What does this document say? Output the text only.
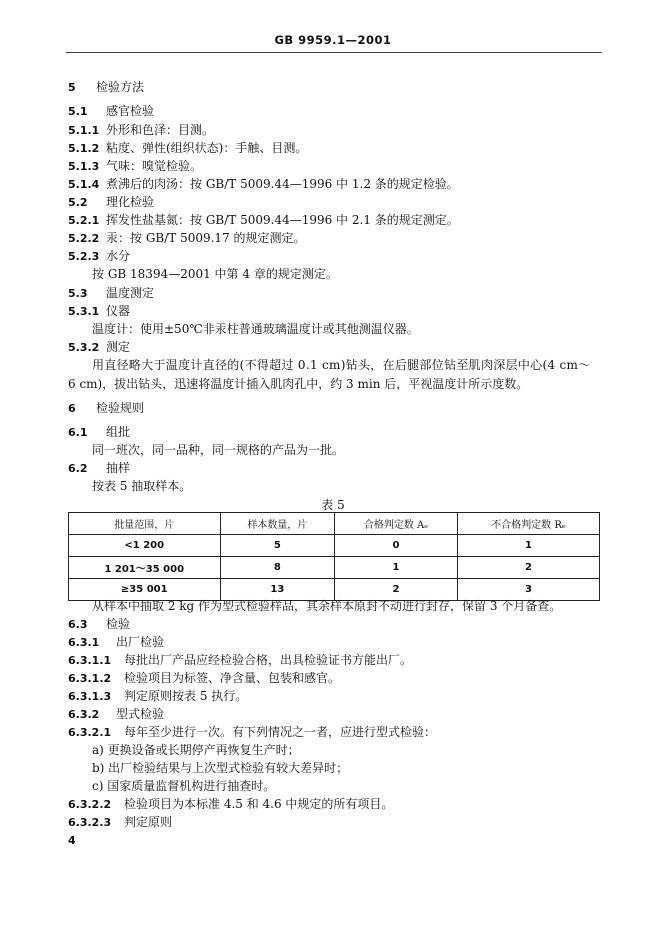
GB 9959.1—2001
5 检验方法
5.1 感官检验
5.1.1 外形和色泽：目测。
5.1.2 粘度、弹性(组织状态)：手触、目测。
5.1.3 气味：嗅觉检验。
5.1.4 煮沸后的肉汤：按 GB/T 5009.44—1996 中 1.2 条的规定检验。
5.2 理化检验
5.2.1 挥发性盐基氮：按 GB/T 5009.44—1996 中 2.1 条的规定测定。
5.2.2 汞：按 GB/T 5009.17 的规定测定。
5.2.3 水分
按 GB 18394—2001 中第 4 章的规定测定。
5.3 温度测定
5.3.1 仪器
温度计：使用±50℃非汞柱普通玻璃温度计或其他测温仪器。
5.3.2 测定
用直径略大于温度计直径的(不得超过 0.1 cm)钻头，在后腿部位钻至肌肉深层中心(4 cm～
6 cm)，拔出钻头，迅速将温度计插入肌肉孔中，约 3 min 后，平视温度计所示度数。
6 检验规则
6.1 组批
同一班次，同一品种，同一规格的产品为一批。
6.2 抽样
按表 5 抽取样本。
表 5
批量范围，片	样本数量，片	合格判定数 Aₑ	不合格判定数 Rₑ
<1 200	5	0	1
1 201～35 000	8	1	2
≥35 001	13	2	3
从样本中抽取 2 kg 作为型式检验样品，其余样本原封不动进行封存，保留 3 个月备查。
6.3 检验
6.3.1 出厂检验
6.3.1.1 每批出厂产品应经检验合格，出具检验证书方能出厂。
6.3.1.2 检验项目为标签、净含量、包装和感官。
6.3.1.3 判定原则按表 5 执行。
6.3.2 型式检验
6.3.2.1 每年至少进行一次。有下列情况之一者，应进行型式检验：
a) 更换设备或长期停产再恢复生产时；
b) 出厂检验结果与上次型式检验有较大差异时；
c) 国家质量监督机构进行抽查时。
6.3.2.2 检验项目为本标准 4.5 和 4.6 中规定的所有项目。
6.3.2.3 判定原则
4
